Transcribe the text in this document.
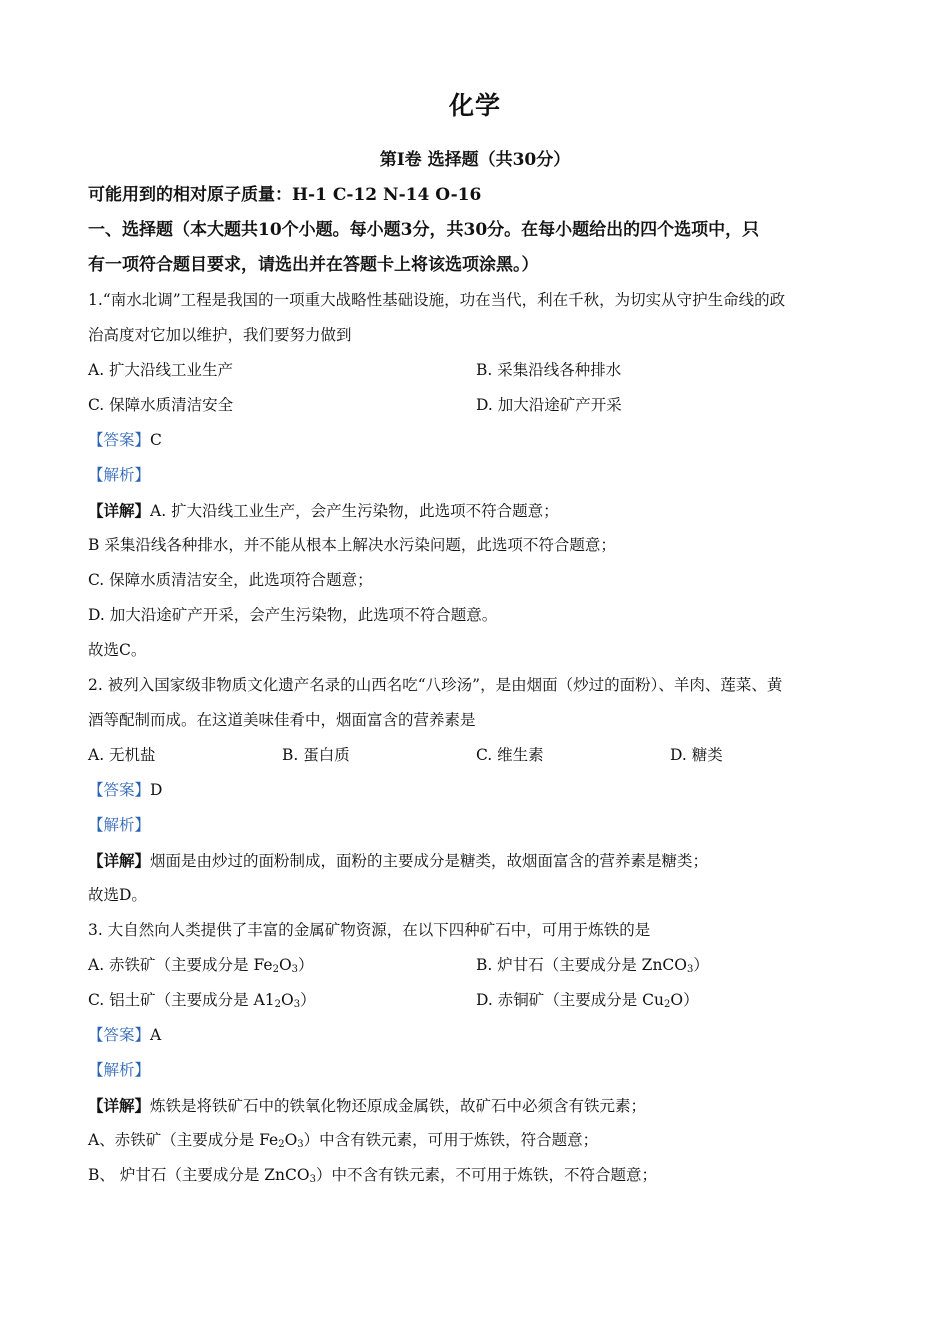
化学
第I卷 选择题（共30分）
可能用到的相对原子质量：H-1 C-12 N-14 O-16
一、选择题（本大题共10个小题。每小题3分，共30分。在每小题给出的四个选项中，只
有一项符合题目要求，请选出并在答题卡上将该选项涂黑。）
1.“南水北调”工程是我国的一项重大战略性基础设施，功在当代，利在千秋，为切实从守护生命线的政
治高度对它加以维护，我们要努力做到
A. 扩大沿线工业生产	B. 采集沿线各种排水
C. 保障水质清洁安全	D. 加大沿途矿产开采
【答案】C
【解析】
【详解】A. 扩大沿线工业生产，会产生污染物，此选项不符合题意；
B 采集沿线各种排水，并不能从根本上解决水污染问题，此选项不符合题意；
C. 保障水质清洁安全，此选项符合题意；
D. 加大沿途矿产开采，会产生污染物，此选项不符合题意。
故选C。
2. 被列入国家级非物质文化遗产名录的山西名吃“八珍汤”，是由烟面（炒过的面粉）、羊肉、莲菜、黄
酒等配制而成。在这道美味佳肴中，烟面富含的营养素是
A. 无机盐	B. 蛋白质	C. 维生素	D. 糖类
【答案】D
【解析】
【详解】烟面是由炒过的面粉制成，面粉的主要成分是糖类，故烟面富含的营养素是糖类；
故选D。
3. 大自然向人类提供了丰富的金属矿物资源，在以下四种矿石中，可用于炼铁的是
A. 赤铁矿（主要成分是 $Fe_2O_3$）	B. 炉甘石（主要成分是 ZnCO$_3$）
C. 铝土矿（主要成分是 $A1_2O_3$）	D. 赤铜矿（主要成分是 $Cu_2O$）
【答案】A
【解析】
【详解】炼铁是将铁矿石中的铁氧化物还原成金属铁，故矿石中必须含有铁元素；
A、赤铁矿（主要成分是 $Fe_2O_3$）中含有铁元素，可用于炼铁，符合题意；
B、 炉甘石（主要成分是 ZnCO$_3$）中不含有铁元素，不可用于炼铁，不符合题意；
